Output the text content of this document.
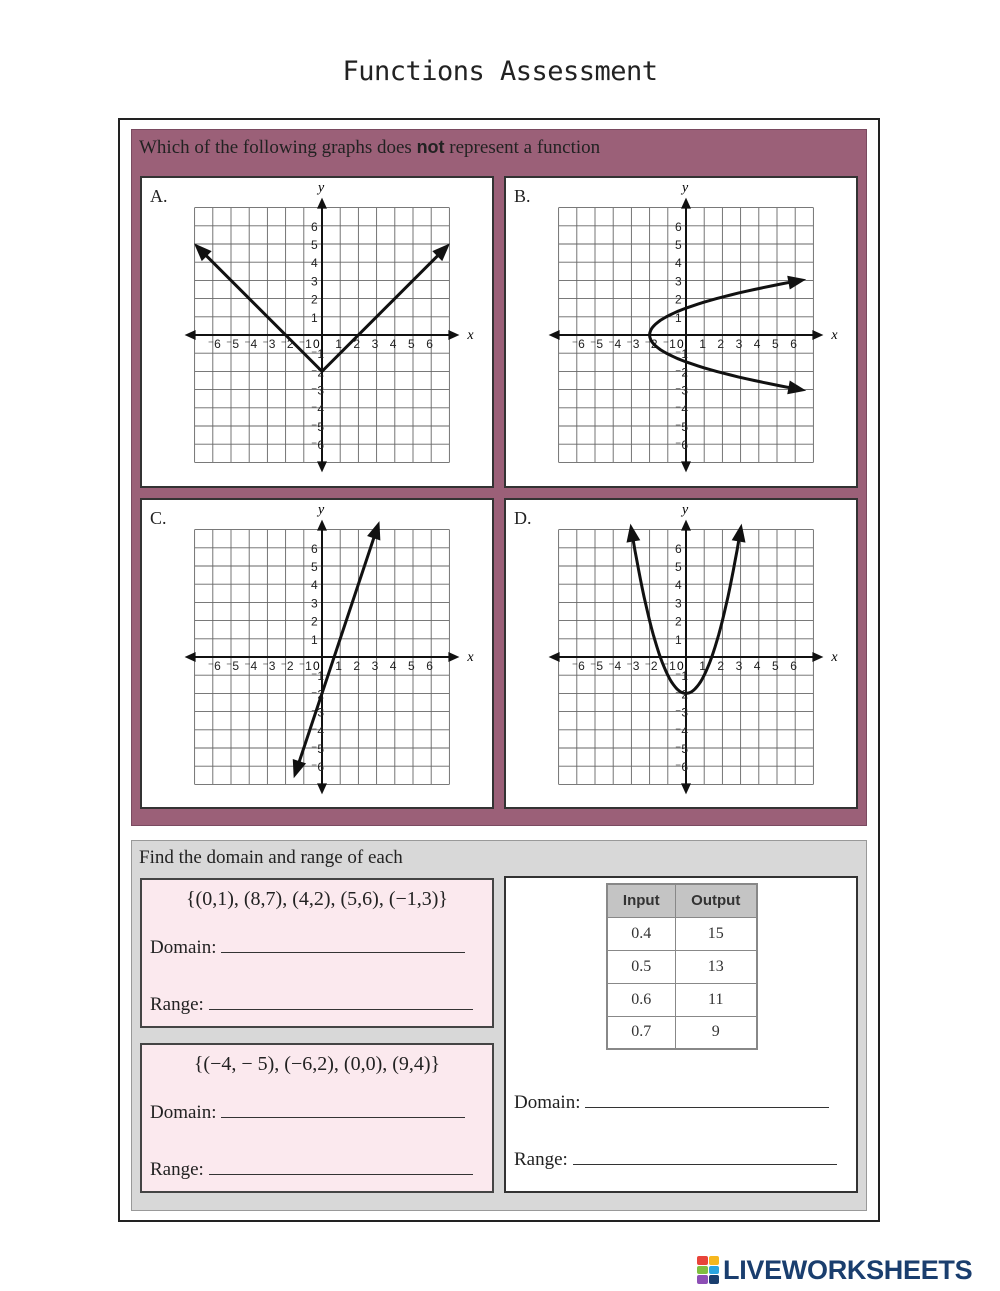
Functions Assessment
Which of the following graphs does not represent a function
A.
x
y
⁻6
⁻6
⁻5
⁻5
⁻4
⁻4
⁻3
⁻3
⁻2
⁻2
⁻1
⁻1
1
1
2
2
3
3
4
4
5
5
6
6
0
B.
x
y
⁻6
⁻6
⁻5
⁻5
⁻4
⁻4
⁻3
⁻3
⁻2
⁻2
⁻1
⁻1
1
1
2
2
3
3
4
4
5
5
6
6
0
C.
x
y
⁻6
⁻6
⁻5
⁻5
⁻4
⁻4
⁻3
⁻3
⁻2
⁻2
⁻1
⁻1
1
1
2
2
3
3
4
4
5
5
6
6
0
D.
x
y
⁻6
⁻6
⁻5
⁻5
⁻4
⁻4
⁻3
⁻3
⁻2
⁻2
⁻1
⁻1
1
1
2
2
3
3
4
4
5
5
6
6
0
Find the domain and range of each
{(0,1), (8,7), (4,2), (5,6), (−1,3)}
Domain:
Range:
{(−4, − 5), (−6,2), (0,0), (9,4)}
Domain:
Range:
Input	Output
0.4	15
0.5	13
0.6	11
0.7	9
Domain:
Range:
LIVEWORKSHEETS
